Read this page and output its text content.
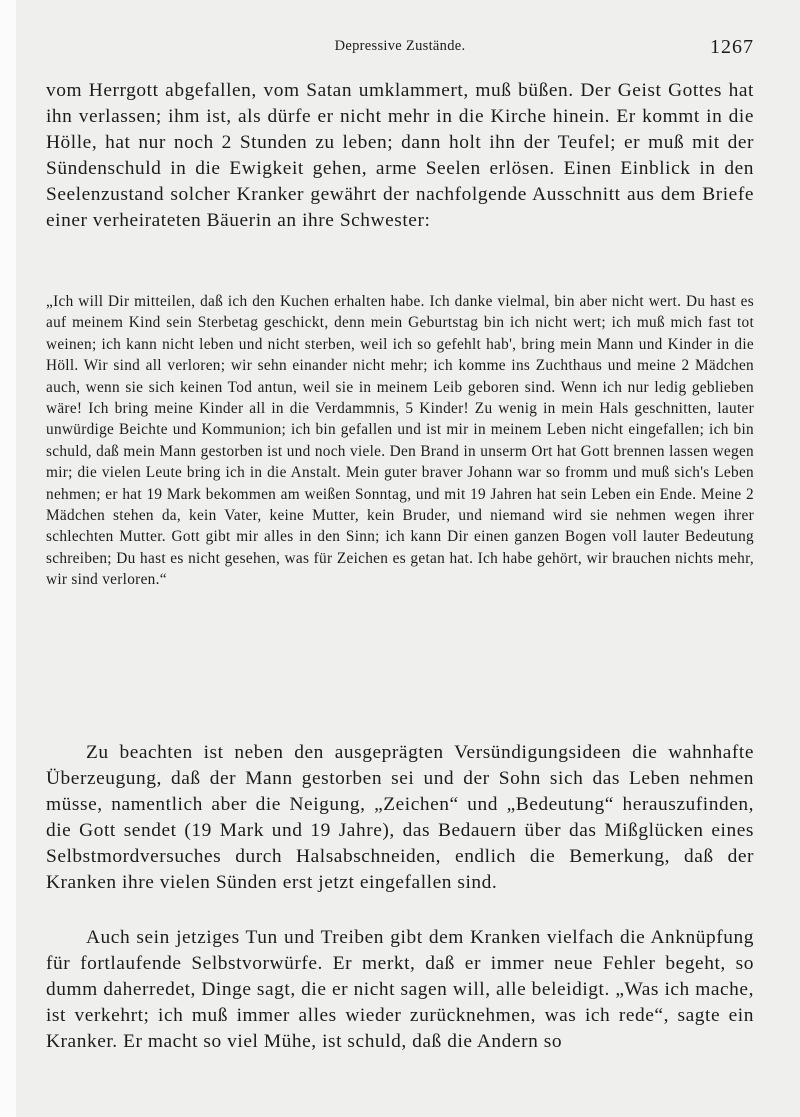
Depressive Zustände.	1267

vom Herrgott abgefallen, vom Satan umklammert, muß büßen. Der Geist Gottes hat ihn verlassen; ihm ist, als dürfe er nicht mehr in die Kirche hinein. Er kommt in die Hölle, hat nur noch 2 Stunden zu leben; dann holt ihn der Teufel; er muß mit der Sündenschuld in die Ewigkeit gehen, arme Seelen erlösen. Einen Einblick in den Seelenzustand solcher Kranker gewährt der nachfolgende Ausschnitt aus dem Briefe einer verheirateten Bäuerin an ihre Schwester:

„Ich will Dir mitteilen, daß ich den Kuchen erhalten habe. Ich danke vielmal, bin aber nicht wert. Du hast es auf meinem Kind sein Sterbetag geschickt, denn mein Geburtstag bin ich nicht wert; ich muß mich fast tot weinen; ich kann nicht leben und nicht sterben, weil ich so gefehlt hab', bring mein Mann und Kinder in die Höll. Wir sind all verloren; wir sehn einander nicht mehr; ich komme ins Zuchthaus und meine 2 Mädchen auch, wenn sie sich keinen Tod antun, weil sie in meinem Leib geboren sind. Wenn ich nur ledig geblieben wäre! Ich bring meine Kinder all in die Verdammnis, 5 Kinder! Zu wenig in mein Hals geschnitten, lauter unwürdige Beichte und Kommunion; ich bin gefallen und ist mir in meinem Leben nicht eingefallen; ich bin schuld, daß mein Mann gestorben ist und noch viele. Den Brand in unserm Ort hat Gott brennen lassen wegen mir; die vielen Leute bring ich in die Anstalt. Mein guter braver Johann war so fromm und muß sich's Leben nehmen; er hat 19 Mark bekommen am weißen Sonntag, und mit 19 Jahren hat sein Leben ein Ende. Meine 2 Mädchen stehen da, kein Vater, keine Mutter, kein Bruder, und niemand wird sie nehmen wegen ihrer schlechten Mutter. Gott gibt mir alles in den Sinn; ich kann Dir einen ganzen Bogen voll lauter Bedeutung schreiben; Du hast es nicht gesehen, was für Zeichen es getan hat. Ich habe gehört, wir brauchen nichts mehr, wir sind verloren.“

Zu beachten ist neben den ausgeprägten Versündigungsideen die wahnhafte Überzeugung, daß der Mann gestorben sei und der Sohn sich das Leben nehmen müsse, namentlich aber die Neigung, „Zeichen“ und „Bedeutung“ herauszufinden, die Gott sendet (19 Mark und 19 Jahre), das Bedauern über das Mißglücken eines Selbstmordversuches durch Halsabschneiden, endlich die Bemerkung, daß der Kranken ihre vielen Sünden erst jetzt eingefallen sind.

Auch sein jetziges Tun und Treiben gibt dem Kranken vielfach die Anknüpfung für fortlaufende Selbstvorwürfe. Er merkt, daß er immer neue Fehler begeht, so dumm daherredet, Dinge sagt, die er nicht sagen will, alle beleidigt. „Was ich mache, ist verkehrt; ich muß immer alles wieder zurücknehmen, was ich rede“, sagte ein Kranker. Er macht so viel Mühe, ist schuld, daß die Andern so
